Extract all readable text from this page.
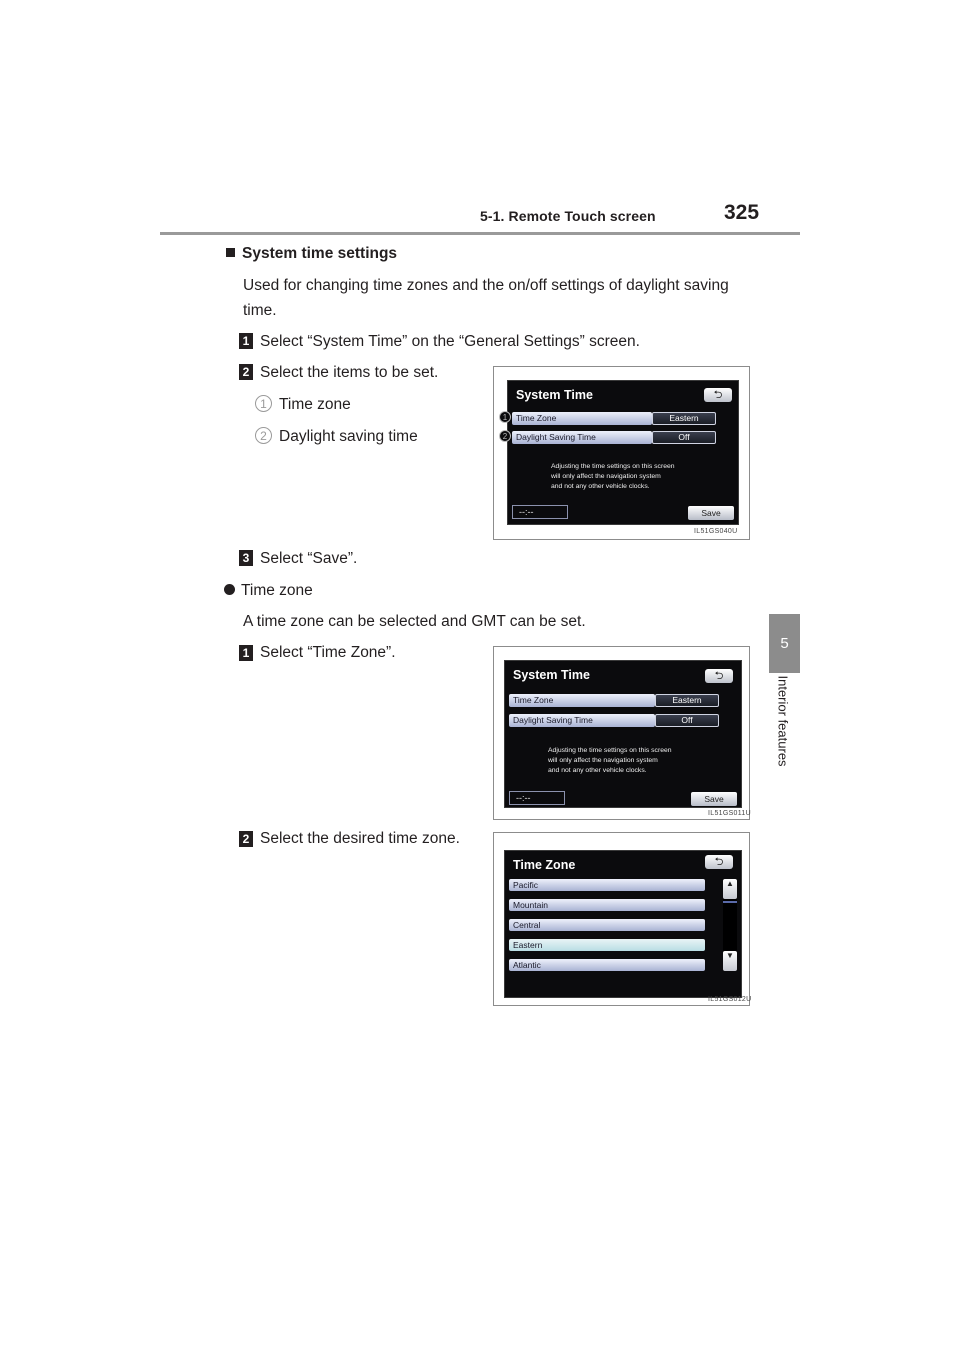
5-1. Remote Touch screen	325
5
Interior features
System time settings
Used for changing time zones and the on/off settings of daylight saving
time.
1 Select “System Time” on the “General Settings” screen.
2 Select the items to be set.
1 Time zone
2 Daylight saving time
3 Select “Save”.
Time zone
A time zone can be selected and GMT can be set.
1 Select “Time Zone”.
2 Select the desired time zone.
System Time	⮌
Time Zone	Eastern
Daylight Saving Time	Off
Adjusting the time settings on this screen
will only affect the navigation system
and not any other vehicle clocks.
--:--	Save
1
2
IL51GS040U
System Time	⮌
Time Zone	Eastern
Daylight Saving Time	Off
Adjusting the time settings on this screen
will only affect the navigation system
and not any other vehicle clocks.
--:--	Save
IL51GS011U
Time Zone	⮌
Pacific
Mountain
Central
Eastern
Atlantic
▲
▼
IL51GS012U
